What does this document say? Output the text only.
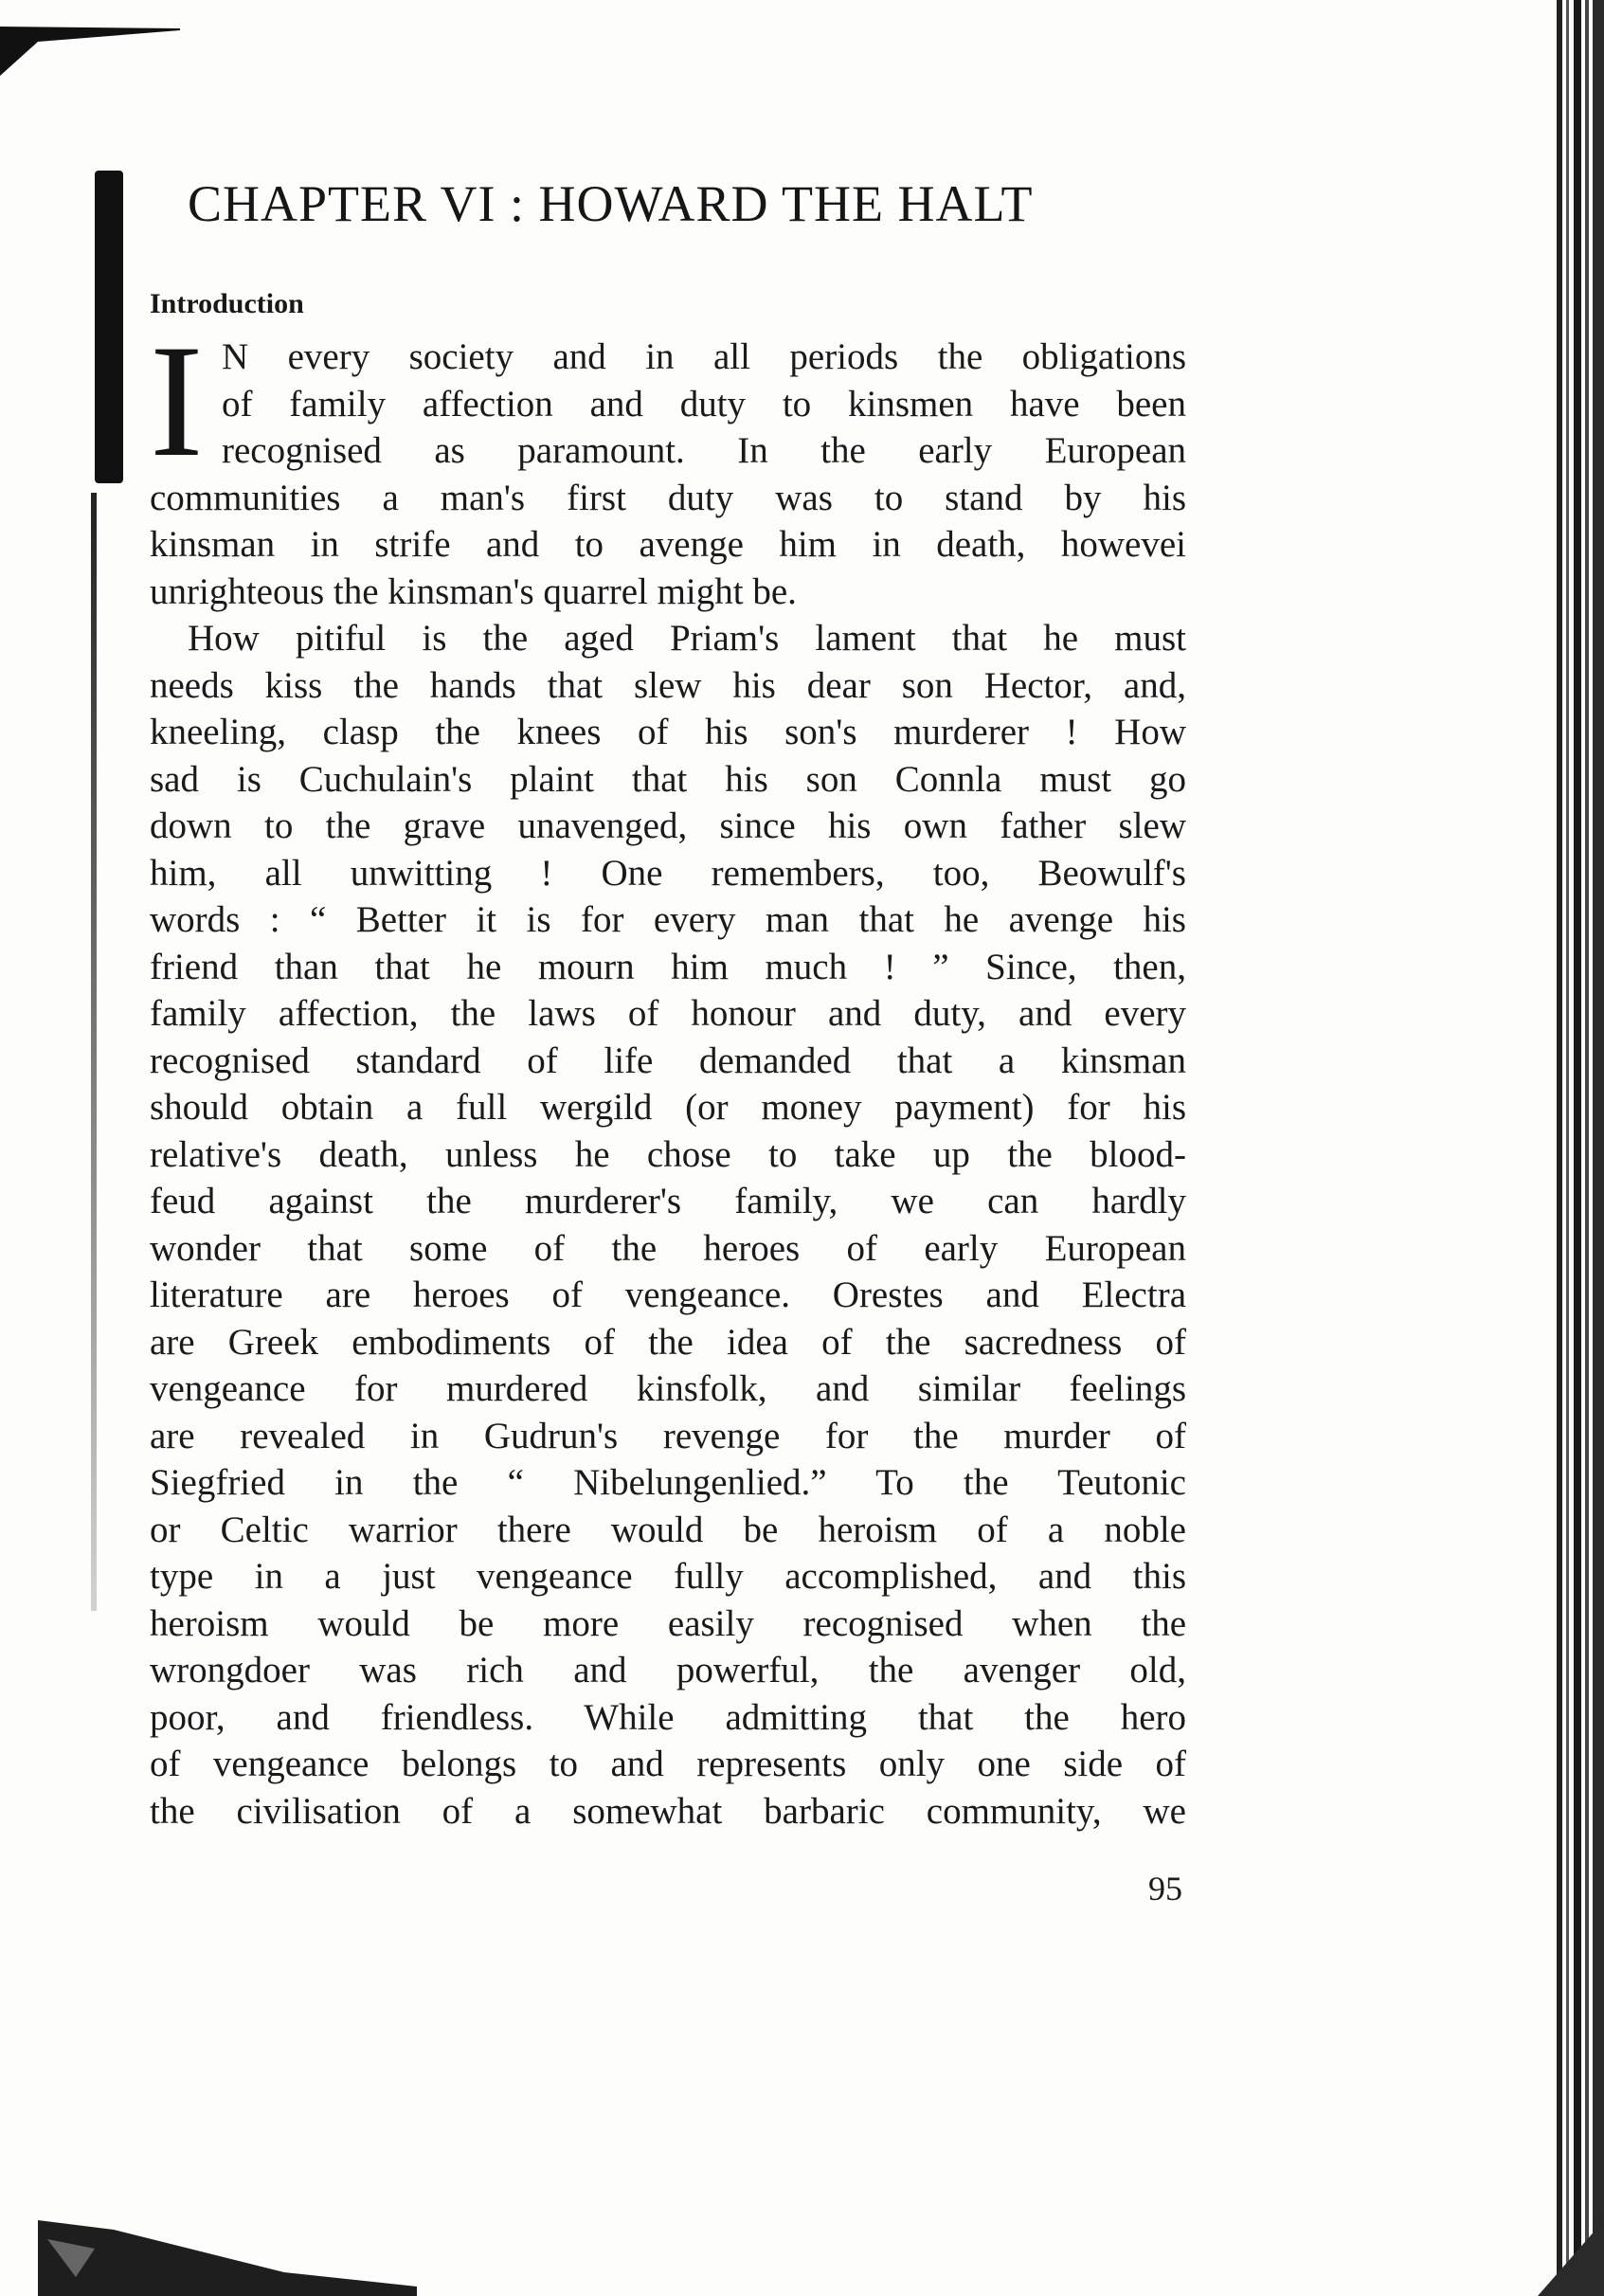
CHAPTER VI : HOWARD THE HALT
Introduction
I N every society and in all periods the obligations
of family affection and duty to kinsmen have been
recognised as paramount. In the early European
communities a man's first duty was to stand by his
kinsman in strife and to avenge him in death, howevei
unrighteous the kinsman's quarrel might be.

How pitiful is the aged Priam's lament that he must
needs kiss the hands that slew his dear son Hector, and,
kneeling, clasp the knees of his son's murderer ! How
sad is Cuchulain's plaint that his son Connla must go
down to the grave unavenged, since his own father slew
him, all unwitting ! One remembers, too, Beowulf's
words : “ Better it is for every man that he avenge his
friend than that he mourn him much ! ” Since, then,
family affection, the laws of honour and duty, and every
recognised standard of life demanded that a kinsman
should obtain a full wergild (or money payment) for his
relative's death, unless he chose to take up the blood-
feud against the murderer's family, we can hardly
wonder that some of the heroes of early European
literature are heroes of vengeance. Orestes and Electra
are Greek embodiments of the idea of the sacredness of
vengeance for murdered kinsfolk, and similar feelings
are revealed in Gudrun's revenge for the murder of
Siegfried in the “ Nibelungenlied.” To the Teutonic
or Celtic warrior there would be heroism of a noble
type in a just vengeance fully accomplished, and this
heroism would be more easily recognised when the
wrongdoer was rich and powerful, the avenger old,
poor, and friendless. While admitting that the hero
of vengeance belongs to and represents only one side of
the civilisation of a somewhat barbaric community, we

95
